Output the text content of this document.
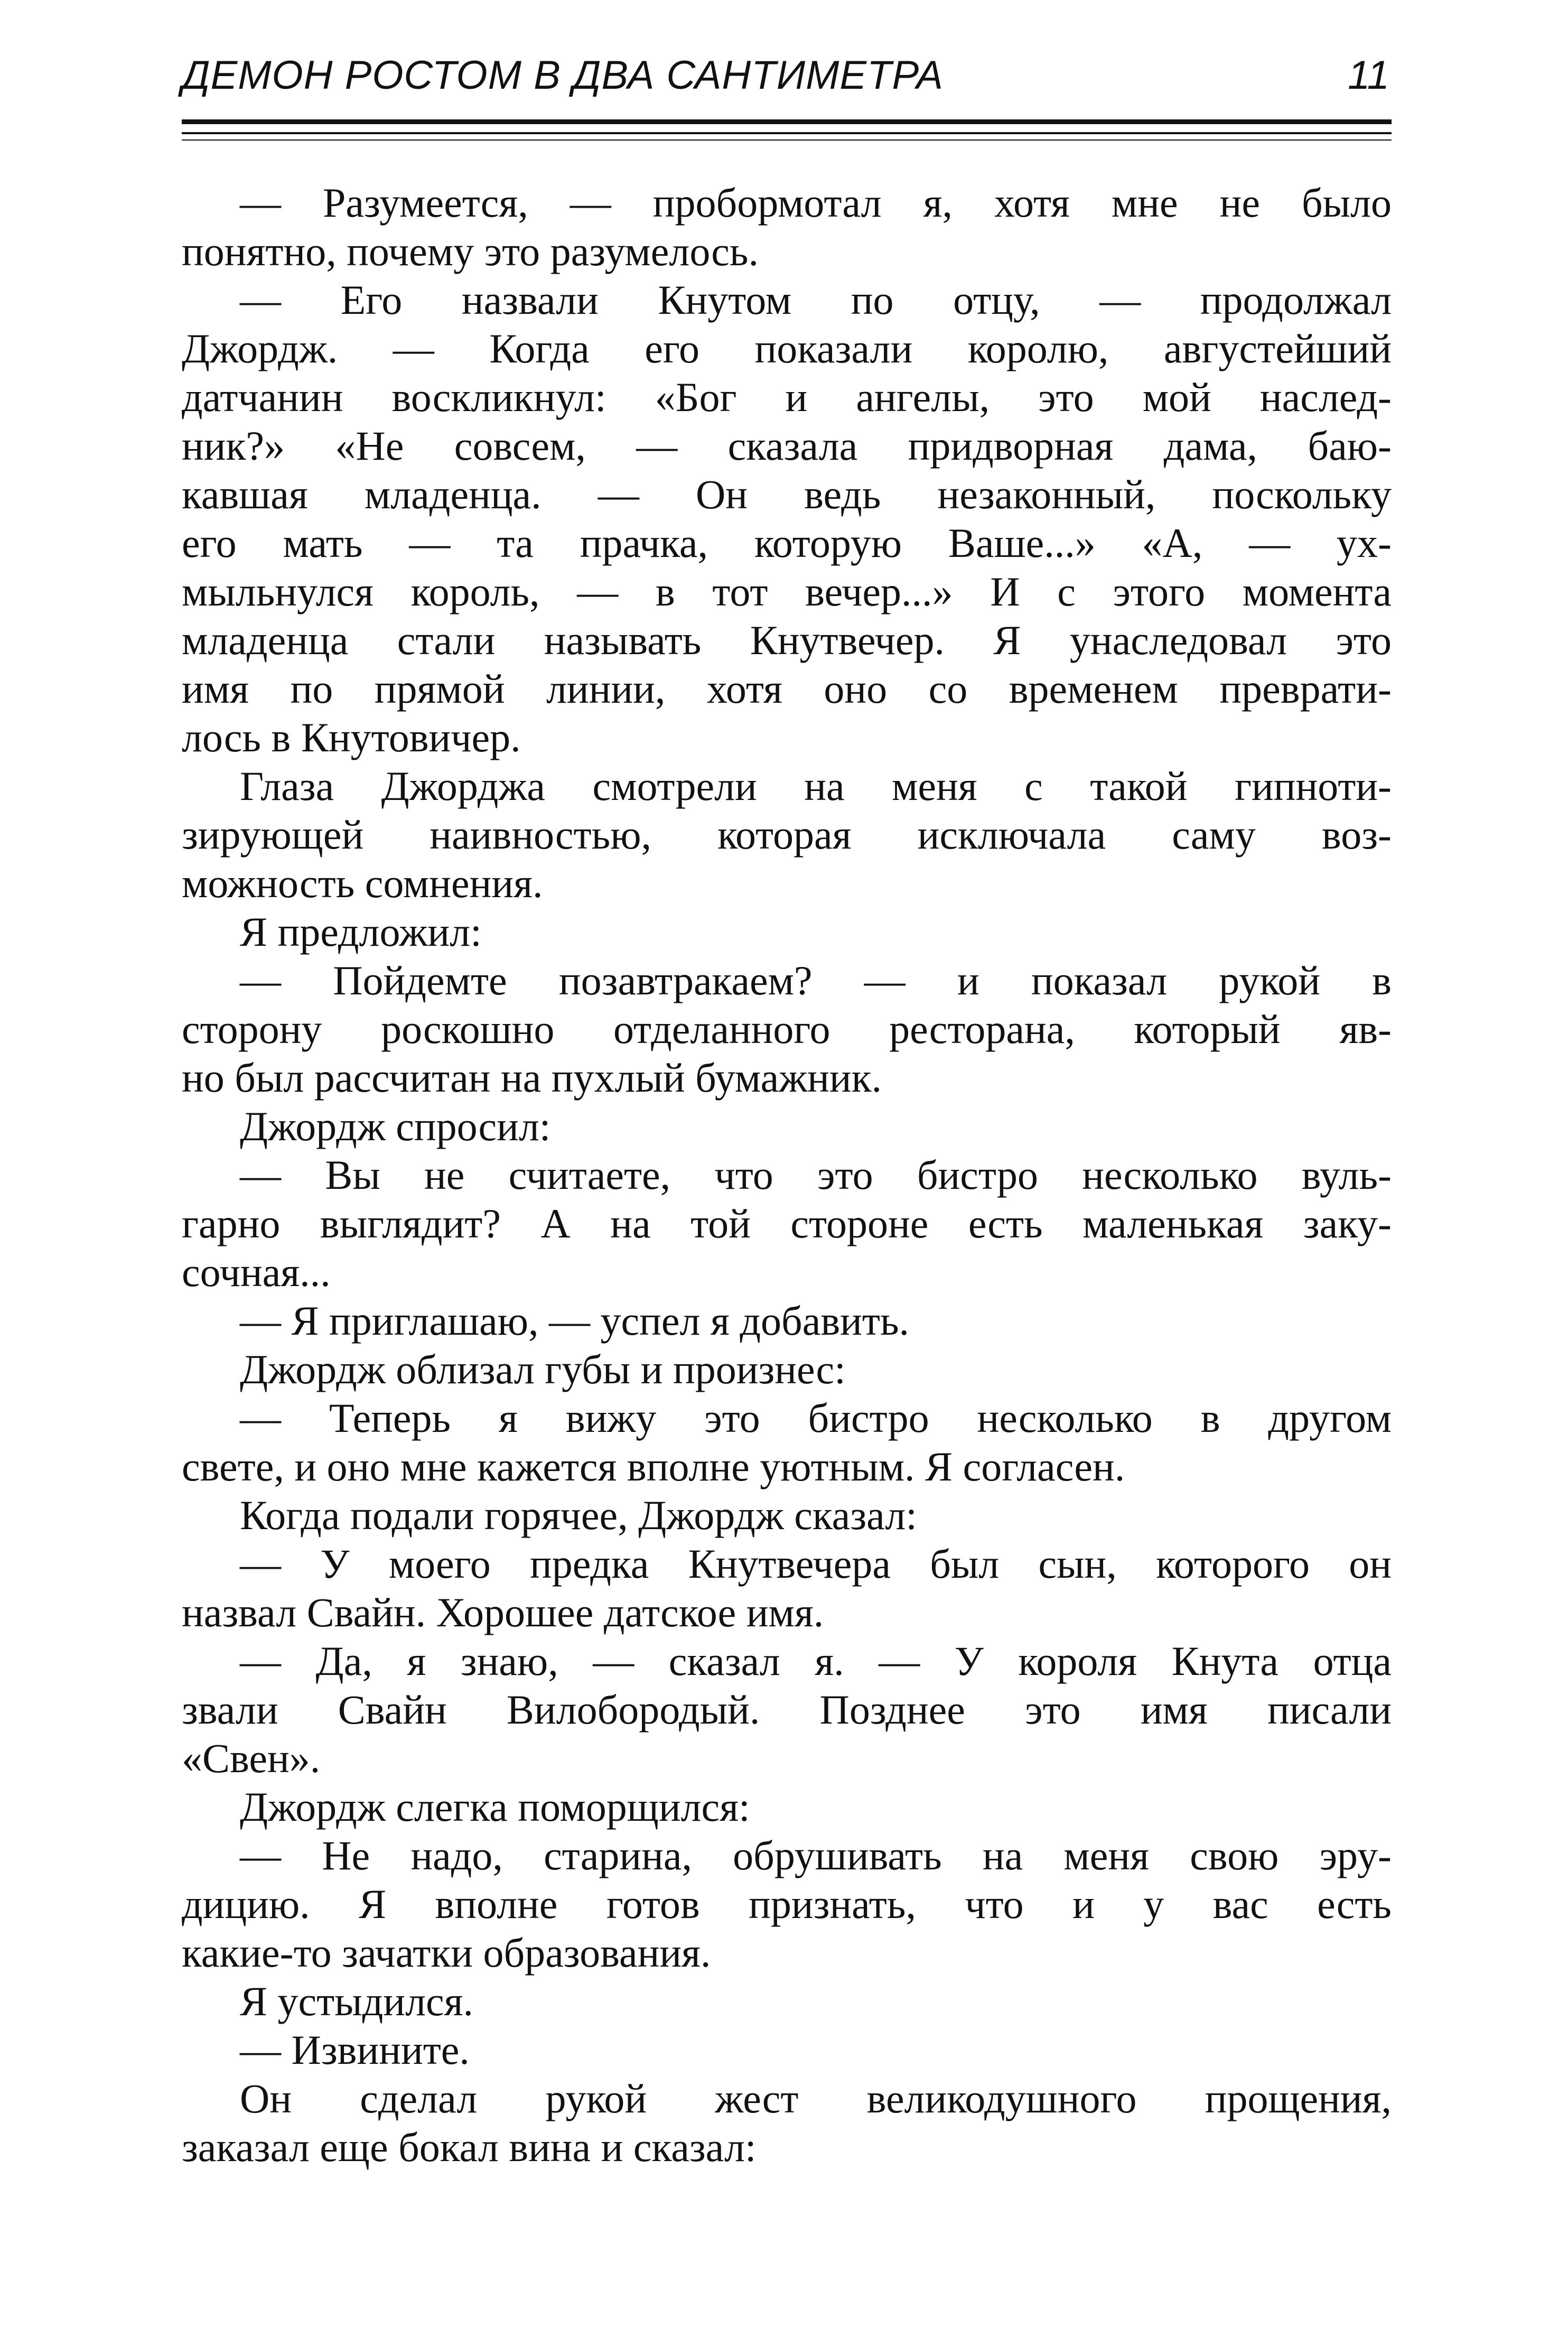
ДЕМОН РОСТОМ В ДВА САНТИМЕТРА	11
— Разумеется, — пробормотал я, хотя мне не было
понятно, почему это разумелось.
— Его назвали Кнутом по отцу, — продолжал
Джордж. — Когда его показали королю, августейший
датчанин воскликнул: «Бог и ангелы, это мой наслед-
ник?» «Не совсем, — сказала придворная дама, баю-
кавшая младенца. — Он ведь незаконный, поскольку
его мать — та прачка, которую Ваше...» «А, — ух-
мыльнулся король, — в тот вечер...» И с этого момента
младенца стали называть Кнутвечер. Я унаследовал это
имя по прямой линии, хотя оно со временем преврати-
лось в Кнутовичер.
Глаза Джорджа смотрели на меня с такой гипноти-
зирующей наивностью, которая исключала саму воз-
можность сомнения.
Я предложил:
— Пойдемте позавтракаем? — и показал рукой в
сторону роскошно отделанного ресторана, который яв-
но был рассчитан на пухлый бумажник.
Джордж спросил:
— Вы не считаете, что это бистро несколько вуль-
гарно выглядит? А на той стороне есть маленькая заку-
сочная...
— Я приглашаю, — успел я добавить.
Джордж облизал губы и произнес:
— Теперь я вижу это бистро несколько в другом
свете, и оно мне кажется вполне уютным. Я согласен.
Когда подали горячее, Джордж сказал:
— У моего предка Кнутвечера был сын, которого он
назвал Свайн. Хорошее датское имя.
— Да, я знаю, — сказал я. — У короля Кнута отца
звали Свайн Вилобородый. Позднее это имя писали
«Свен».
Джордж слегка поморщился:
— Не надо, старина, обрушивать на меня свою эру-
дицию. Я вполне готов признать, что и у вас есть
какие-то зачатки образования.
Я устыдился.
— Извините.
Он сделал рукой жест великодушного прощения,
заказал еще бокал вина и сказал:
